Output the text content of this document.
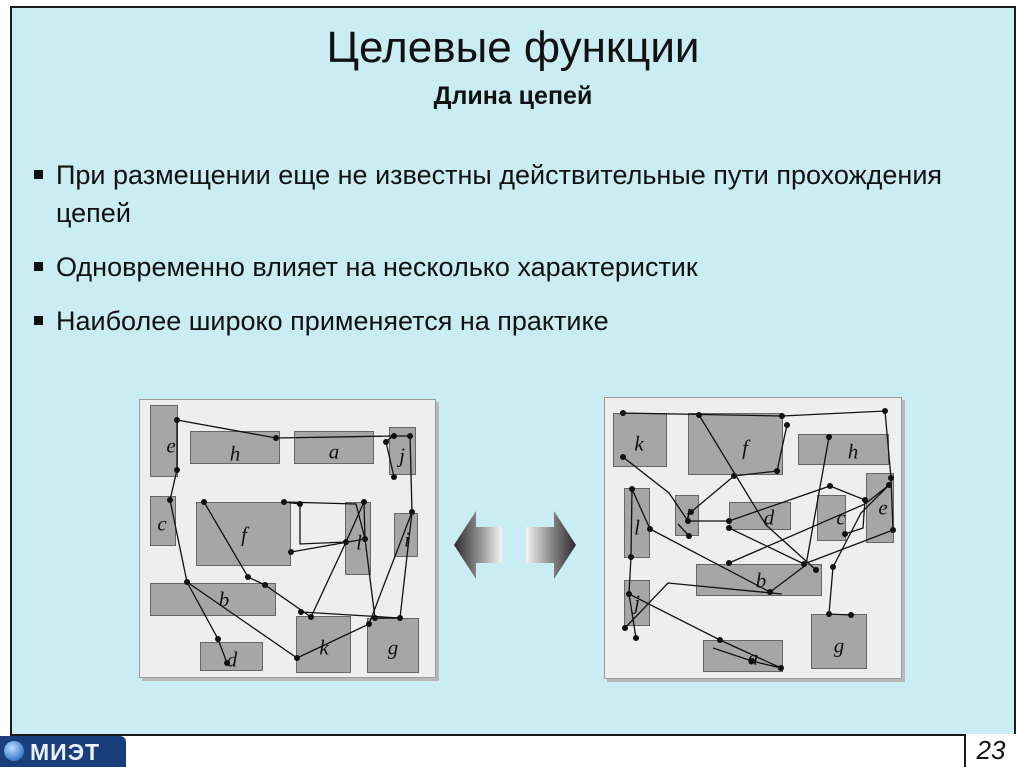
Целевые функции
Длина цепей
При размещении еще не известны действительные пути прохождения цепей
Одновременно влияет на несколько характеристик
Наиболее широко применяется на практике
e	h	a	j
c	f	l i
b
d	k	g
k	f	h
l i	d	c e
b
j
a	g
МИЭТ	23
